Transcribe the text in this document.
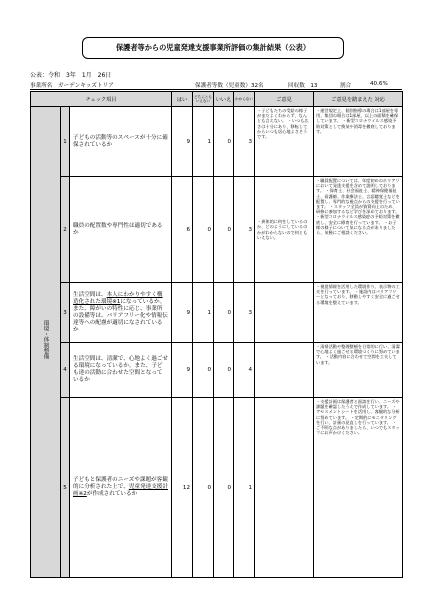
保護者等からの児童発達支援事業所評価の集計結果（公表）
公表：令和　3年　1月　26日
事業所名　ガーデンキッズトリア	保護者等数（児童数）32名	回収数　13	割合	40.6%
チェック項目			はい	どちらとも いえない	いいえ	わからない	ご意見	ご意見を踏まえた 対応
環境・体制整備	1	子どもの活動等のスペースが十分に確保されているか	9	1	0	3	・子どもたちの受給の様子がまだよくわからず、なんとも言えない。 ・いつも広さは十分にあり、移転してからいつも居心地よさそうです。	・運営規定上、個別指導の場合は1部屋を専用、集団の場合は1部屋、以上の面積を確保しています。 ・新型コロナウイルス感染予防対策として換気や消毒を徹底しております。
	2	職員の配置数や専門性は適切であるか	6	0	0	3	・異体的に何をしているのか、どのようにしているのかがわからないので何ともいえない。	・職員配置については、年度初めのホリアリにおいて発達支援を含めて説明しております。 ・保育士、社会福祉士、精神保健福祉士、看護師、作業療法士、言語聴覚士などを配置し、専門的な視点からの支援を行っています。 ・スタッフ全員が資質向上のため、研修に参加するなど学びを深めております。 ・新型コロナウイルス感染症の予防対策を徹底し、安全に療育を行っています。 ・お子様の様子について気になる点がありましたら、気軽にご相談ください。
	3	生活空間は、本人にわかりやすく構造化された環境※1になっているか。また、障がいの特性に応じ、事業所の設備等は、バリアフリー化や情報伝達等への配慮が適切になされているか	9	1	0	3		・視覚情報を活用した環境作り、表示物の工夫を行っています。 ・施設内はバリアフリーとなっており、移動しやすく安全に過ごせる環境を整えています。
	4	生活空間は、清潔で、心地よく過ごせる環境になっているか。また、子ども達の活動に合わせた空間となっているか	9	0	0	4		・清掃活動や整理整頓を日常的に行い、清潔で心地よく過ごせる環境づくりに努めています。 ・活動内容に合わせて空間を工夫しています。
	5	子どもと保護者のニーズや課題が客観的に分析された上で、児童発達支援計画※2が作成されているか	12	0	0	1		・支援計画は保護者と面談を行い、ニーズや課題を確認したうえで作成しています。 ・アセスメントシートを活用し、客観的な分析に努めています。 ・定期的にモニタリングを行い、計画の見直しを行っています。 ・ご不明な点がありましたら、いつでもスタッフにお声かけください。
